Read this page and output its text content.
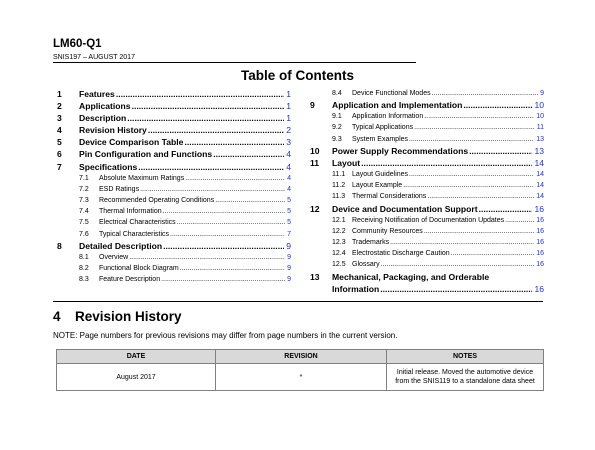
LM60-Q1
SNIS197 – AUGUST 2017
Table of Contents
1	Features .....	1
2	Applications .....	1
3	Description .....	1
4	Revision History .....	2
5	Device Comparison Table .....	3
6	Pin Configuration and Functions .....	4
7	Specifications .....	4
7.1	Absolute Maximum Ratings .....	4
7.2	ESD Ratings .....	4
7.3	Recommended Operating Conditions .....	5
7.4	Thermal Information .....	5
7.5	Electrical Characteristics .....	5
7.6	Typical Characteristics .....	7
8	Detailed Description .....	9
8.1	Overview .....	9
8.2	Functional Block Diagram .....	9
8.3	Feature Description .....	9
8.4	Device Functional Modes .....	9
9	Application and Implementation .....	10
9.1	Application Information .....	10
9.2	Typical Applications .....	11
9.3	System Examples .....	13
10	Power Supply Recommendations .....	13
11	Layout .....	14
11.1 Layout Guidelines .....	14
11.2 Layout Example .....	14
11.3 Thermal Considerations .....	14
12	Device and Documentation Support .....	16
12.1 Receiving Notification of Documentation Updates .....	16
12.2 Community Resources .....	16
12.3 Trademarks .....	16
12.4 Electrostatic Discharge Caution .....	16
12.5 Glossary .....	16
13	Mechanical, Packaging, and Orderable
Information .....	16
4 Revision History
NOTE: Page numbers for previous revisions may differ from page numbers in the current version.
DATE	REVISION	NOTES
August 2017	*	Initial release. Moved the automotive device
from the SNIS119 to a standalone data sheet
